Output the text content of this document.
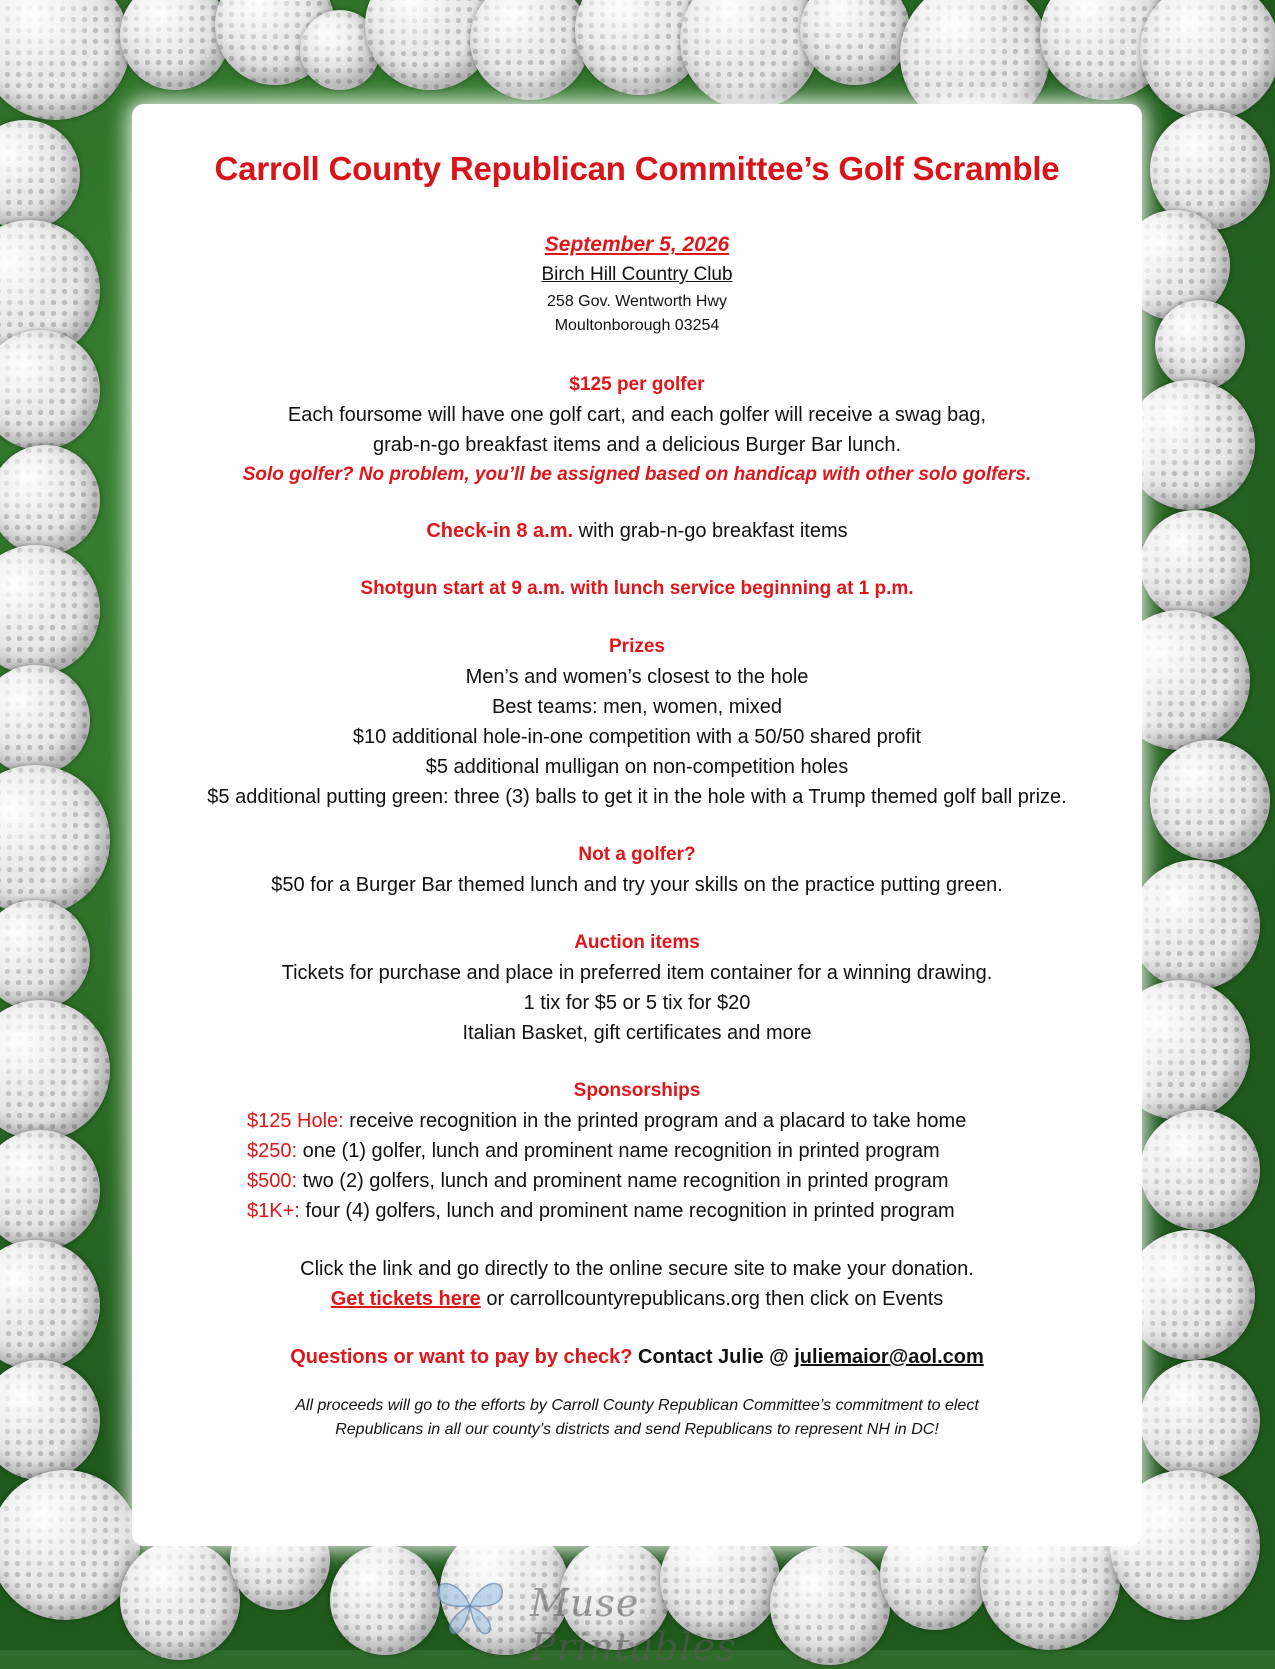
Carroll County Republican Committee’s Golf Scramble

September 5, 2026

Birch Hill Country Club

258 Gov. Wentworth Hwy

Moultonborough 03254

$125 per golfer

Each foursome will have one golf cart, and each golfer will receive a swag bag,

grab-n-go breakfast items and a delicious Burger Bar lunch.

Solo golfer? No problem, you’ll be assigned based on handicap with other solo golfers.

Check-in 8 a.m. with grab-n-go breakfast items

Shotgun start at 9 a.m. with lunch service beginning at 1 p.m.

Prizes

Men’s and women’s closest to the hole

Best teams: men, women, mixed

$10 additional hole-in-one competition with a 50/50 shared profit

$5 additional mulligan on non-competition holes

$5 additional putting green: three (3) balls to get it in the hole with a Trump themed golf ball prize.

Not a golfer?

$50 for a Burger Bar themed lunch and try your skills on the practice putting green.

Auction items

Tickets for purchase and place in preferred item container for a winning drawing.

1 tix for $5 or 5 tix for $20

Italian Basket, gift certificates and more

Sponsorships

$125 Hole: receive recognition in the printed program and a placard to take home

$250: one (1) golfer, lunch and prominent name recognition in printed program

$500: two (2) golfers, lunch and prominent name recognition in printed program

$1K+: four (4) golfers, lunch and prominent name recognition in printed program

Click the link and go directly to the online secure site to make your donation.

Get tickets here or carrollcountyrepublicans.org then click on Events

Questions or want to pay by check? Contact Julie @ juliemaior@aol.com

All proceeds will go to the efforts by Carroll County Republican Committee’s commitment to elect

Republicans in all our county’s districts and send Republicans to represent NH in DC!

Muse Printables
